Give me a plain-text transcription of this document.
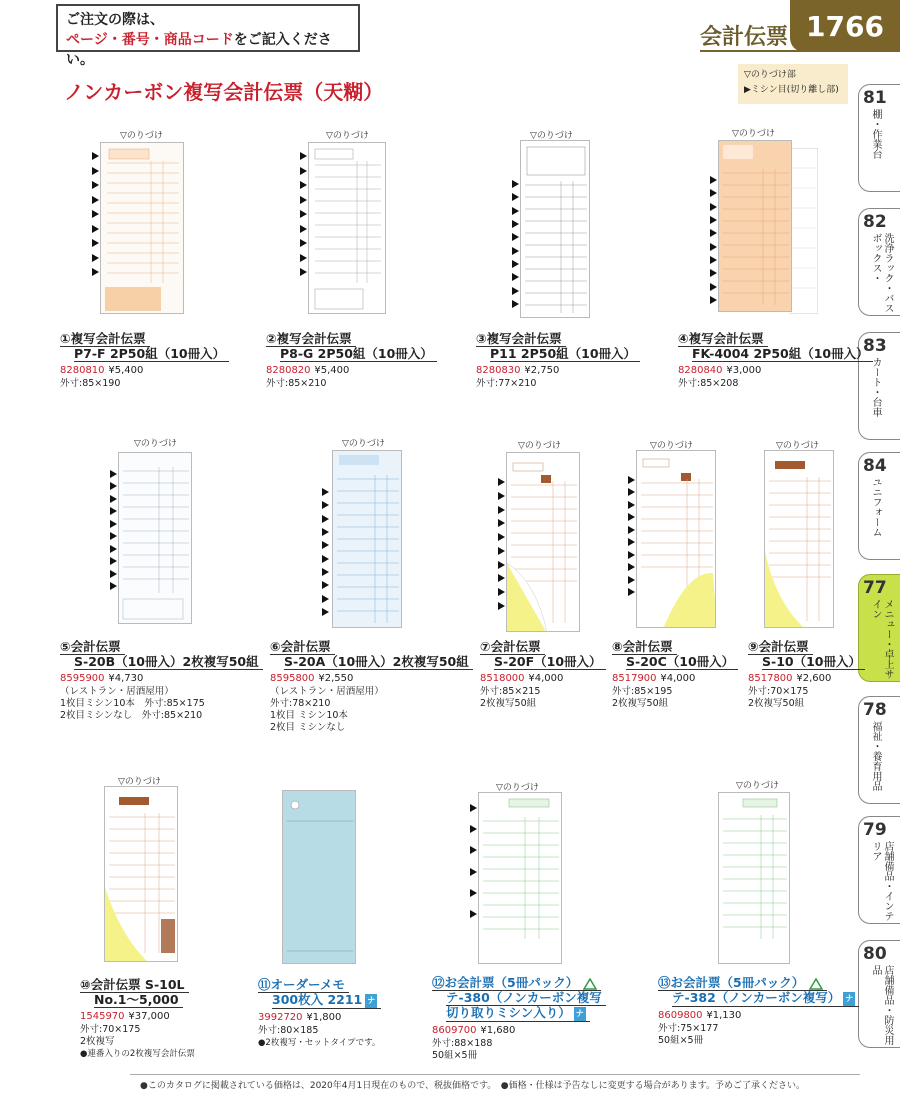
ご注文の際は、
ページ・番号・商品コードをご記入ください。
会計伝票 1766
ノンカーボン複写会計伝票（天糊）
▽のりづけ部
▶ミシン目(切り離し部) 81
棚・作業台
82
洗浄ラック・バスボックス・
83
カート・台車
84
ユニフォーム
77
メニュー・卓上サイン
78
福祉・養育用品
79
店舗備品・インテリア
80
店舗備品・防災用品
▽のりづけ	▽のりづけ	▽のりづけ	▽のりづけ
①複写会計伝票
P7-F 2P50組（10冊入）
8280810 ¥5,400
外寸:85×190
②複写会計伝票
P8-G 2P50組（10冊入）
8280820 ¥5,400
外寸:85×210
③複写会計伝票
P11 2P50組（10冊入）
8280830 ¥2,750
外寸:77×210
④複写会計伝票
FK-4004 2P50組（10冊入）
8280840 ¥3,000
外寸:85×208
▽のりづけ	▽のりづけ	▽のりづけ	▽のりづけ	▽のりづけ
⑤会計伝票
S-20B（10冊入）2枚複写50組
8595900 ¥4,730
（レストラン・居酒屋用）
1枚目ミシン10本　外寸:85×175
2枚目ミシンなし　外寸:85×210
⑥会計伝票
S-20A（10冊入）2枚複写50組
8595800 ¥2,550
（レストラン・居酒屋用）
外寸:78×210
1枚目 ミシン10本
2枚目 ミシンなし
⑦会計伝票
S-20F（10冊入）
8518000 ¥4,000
外寸:85×215
2枚複写50組
⑧会計伝票
S-20C（10冊入）
8517900 ¥4,000
外寸:85×195
2枚複写50組
⑨会計伝票
S-10（10冊入）
8517800 ¥2,600
外寸:70×175
2枚複写50組
▽のりづけ
▽のりづけ	▽のりづけ
⑩会計伝票 S-10L
No.1～5,000
1545970 ¥37,000
外寸:70×175
2枚複写
●連番入りの2枚複写会計伝票
⑪オーダーメモ
300枚入 2211 ナ
3992720 ¥1,800
外寸:80×185
●2枚複写・セットタイプです。
⑫お会計票（5冊パック）
テ-380（ノンカーボン複写
切り取りミシン入り） ナ
8609700 ¥1,680
外寸:88×188
50組×5冊
⑬お会計票（5冊パック）
テ-382（ノンカーボン複写） ナ
8609800 ¥1,130
外寸:75×177
50組×5冊
●このカタログに掲載されている価格は、2020年4月1日現在のもので、税抜価格です。　●価格・仕様は予告なしに変更する場合があります。予めご了承ください。
